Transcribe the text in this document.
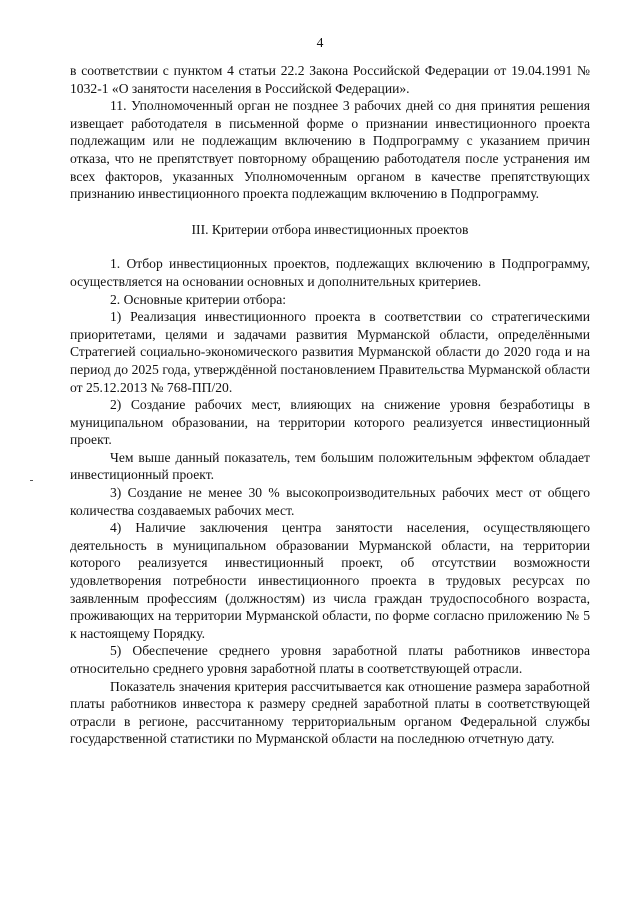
4

в соответствии с пунктом 4 статьи 22.2 Закона Российской Федерации от 19.04.1991 № 1032-1 «О занятости населения в Российской Федерации».

11. Уполномоченный орган не позднее 3 рабочих дней со дня принятия решения извещает работодателя в письменной форме о признании инвестиционного проекта подлежащим или не подлежащим включению в Подпрограмму с указанием причин отказа, что не препятствует повторному обращению работодателя после устранения им всех факторов, указанных Уполномоченным органом в качестве препятствующих признанию инвестиционного проекта подлежащим включению в Подпрограмму.

III. Критерии отбора инвестиционных проектов

1. Отбор инвестиционных проектов, подлежащих включению в Подпрограмму, осуществляется на основании основных и дополнительных критериев.

2. Основные критерии отбора:

1) Реализация инвестиционного проекта в соответствии со стратегическими приоритетами, целями и задачами развития Мурманской области, определёнными Стратегией социально-экономического развития Мурманской области до 2020 года и на период до 2025 года, утверждённой постановлением Правительства Мурманской области от 25.12.2013 № 768-ПП/20.

2) Создание рабочих мест, влияющих на снижение уровня безработицы в муниципальном образовании, на территории которого реализуется инвестиционный проект.

Чем выше данный показатель, тем большим положительным эффектом обладает инвестиционный проект.

3) Создание не менее 30 % высокопроизводительных рабочих мест от общего количества создаваемых рабочих мест.

4) Наличие заключения центра занятости населения, осуществляющего деятельность в муниципальном образовании Мурманской области, на территории которого реализуется инвестиционный проект, об отсутствии возможности удовлетворения потребности инвестиционного проекта в трудовых ресурсах по заявленным профессиям (должностям) из числа граждан трудоспособного возраста, проживающих на территории Мурманской области, по форме согласно приложению № 5 к настоящему Порядку.

5) Обеспечение среднего уровня заработной платы работников инвестора относительно среднего уровня заработной платы в соответствующей отрасли.

Показатель значения критерия рассчитывается как отношение размера заработной платы работников инвестора к размеру средней заработной платы в соответствующей отрасли в регионе, рассчитанному территориальным органом Федеральной службы государственной статистики по Мурманской области на последнюю отчетную дату.
